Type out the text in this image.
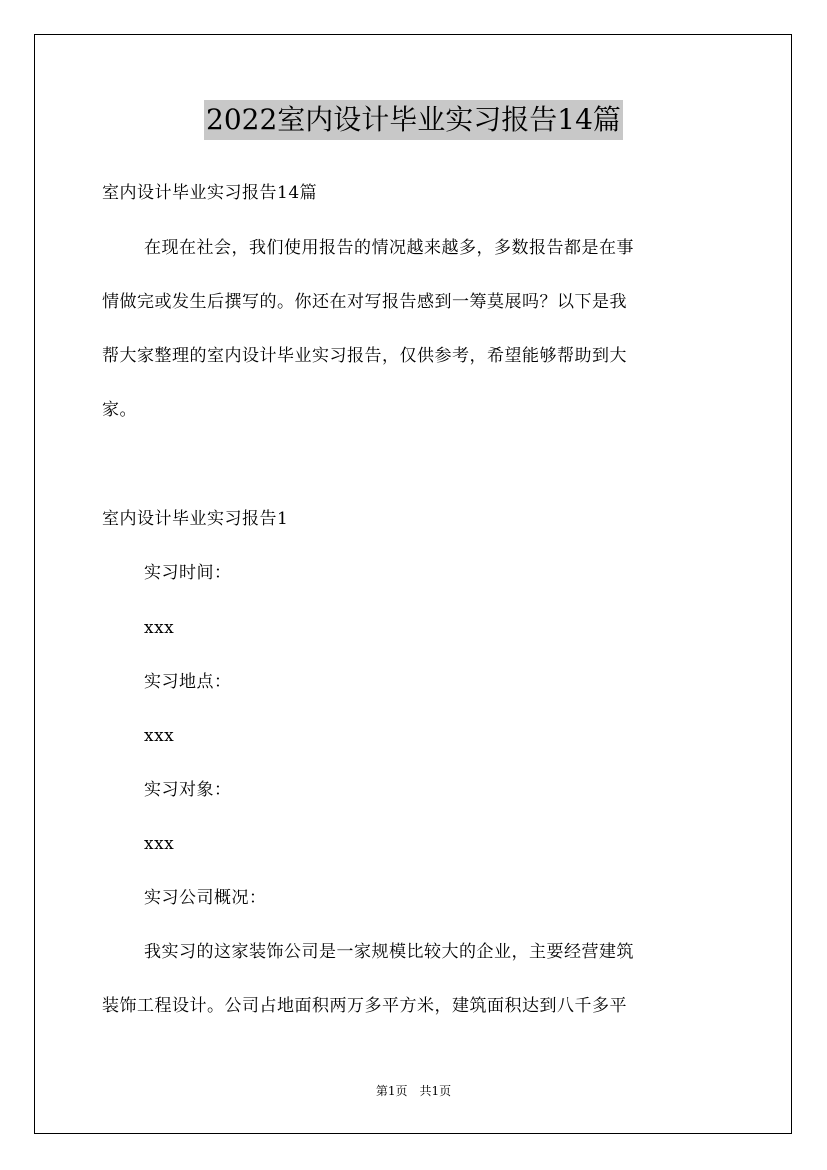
2022室内设计毕业实习报告14篇
室内设计毕业实习报告14篇
在现在社会，我们使用报告的情况越来越多，多数报告都是在事
情做完或发生后撰写的。你还在对写报告感到一筹莫展吗？以下是我
帮大家整理的室内设计毕业实习报告，仅供参考，希望能够帮助到大
家。
室内设计毕业实习报告1
实习时间：
xxx
实习地点：
xxx
实习对象：
xxx
实习公司概况：
我实习的这家装饰公司是一家规模比较大的企业，主要经营建筑
装饰工程设计。公司占地面积两万多平方米，建筑面积达到八千多平
第1页　共1页
